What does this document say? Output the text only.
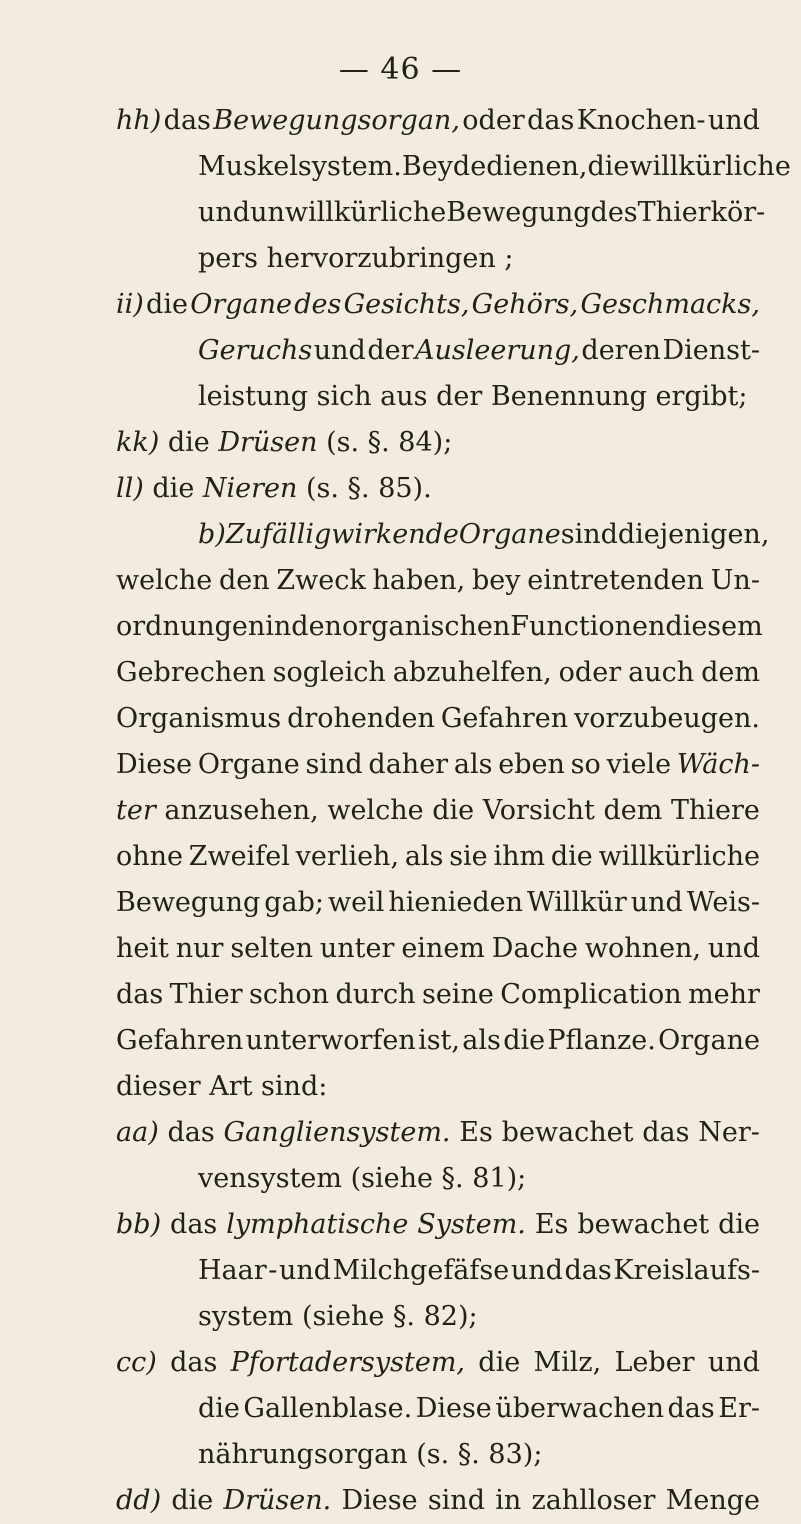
— 46 —
hh) das Bewegungsorgan, oder das Knochen- und
Muskelsystem. Beyde dienen, die willkürliche
und unwillkürliche Bewegung des Thierkör-
pers hervorzubringen ;
ii) die Organe des Gesichts, Gehörs, Geschmacks,
Geruchs und der Ausleerung, deren Dienst-
leistung sich aus der Benennung ergibt;
kk) die Drüsen (s. §. 84);
ll) die Nieren (s. §. 85).
b) Zufällig wirkende Organe sind diejenigen,
welche den Zweck haben, bey eintretenden Un-
ordnungen in den organischen Functionen diesem
Gebrechen sogleich abzuhelfen, oder auch dem
Organismus drohenden Gefahren vorzubeugen.
Diese Organe sind daher als eben so viele Wäch-
ter anzusehen, welche die Vorsicht dem Thiere
ohne Zweifel verlieh, als sie ihm die willkürliche
Bewegung gab; weil hienieden Willkür und Weis-
heit nur selten unter einem Dache wohnen, und
das Thier schon durch seine Complication mehr
Gefahren unterworfen ist, als die Pflanze. Organe
dieser Art sind:
aa) das Gangliensystem. Es bewachet das Ner-
vensystem (siehe §. 81);
bb) das lymphatische System. Es bewachet die
Haar - und Milchgefäfse und das Kreislaufs-
system (siehe §. 82);
cc) das Pfortadersystem, die Milz, Leber und
die Gallenblase. Diese überwachen das Er-
nährungsorgan (s. §. 83);
dd) die Drüsen. Diese sind in zahlloser Menge
